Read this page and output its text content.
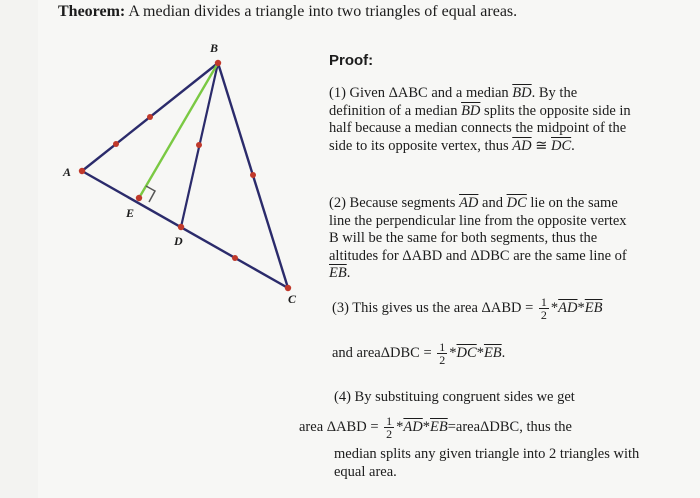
Theorem: A median divides a triangle into two triangles of equal areas.
B
A
E
D
C
Proof:
(1) Given ΔABC and a median $\overline{BD}$. By the definition of a median $\overline{BD}$ splits the opposite side in half because a median connects the midpoint of the side to its opposite vertex, thus $\overline{AD}$ ≅ $\overline{DC}$.
(2) Because segments $\overline{AD}$ and $\overline{DC}$ lie on the same line the perpendicular line from the opposite vertex B will be the same for both segments, thus the altitudes for ΔABD and ΔDBC are the same line of $\overline{EB}$.
(3) This gives us the area $\Delta ABD = \frac{1}{2} *\overline{AD}*\overline{EB}$
and areaΔDBC = $\frac{1}{2} *\overline{DC}*\overline{EB}$.
(4) By substituing congruent sides we get
area $\Delta ABD = \frac{1}{2}$ $*\overline{AD}*\overline{EB}=area\Delta DBC$, thus the
median splits any given triangle into 2 triangles with equal area.
